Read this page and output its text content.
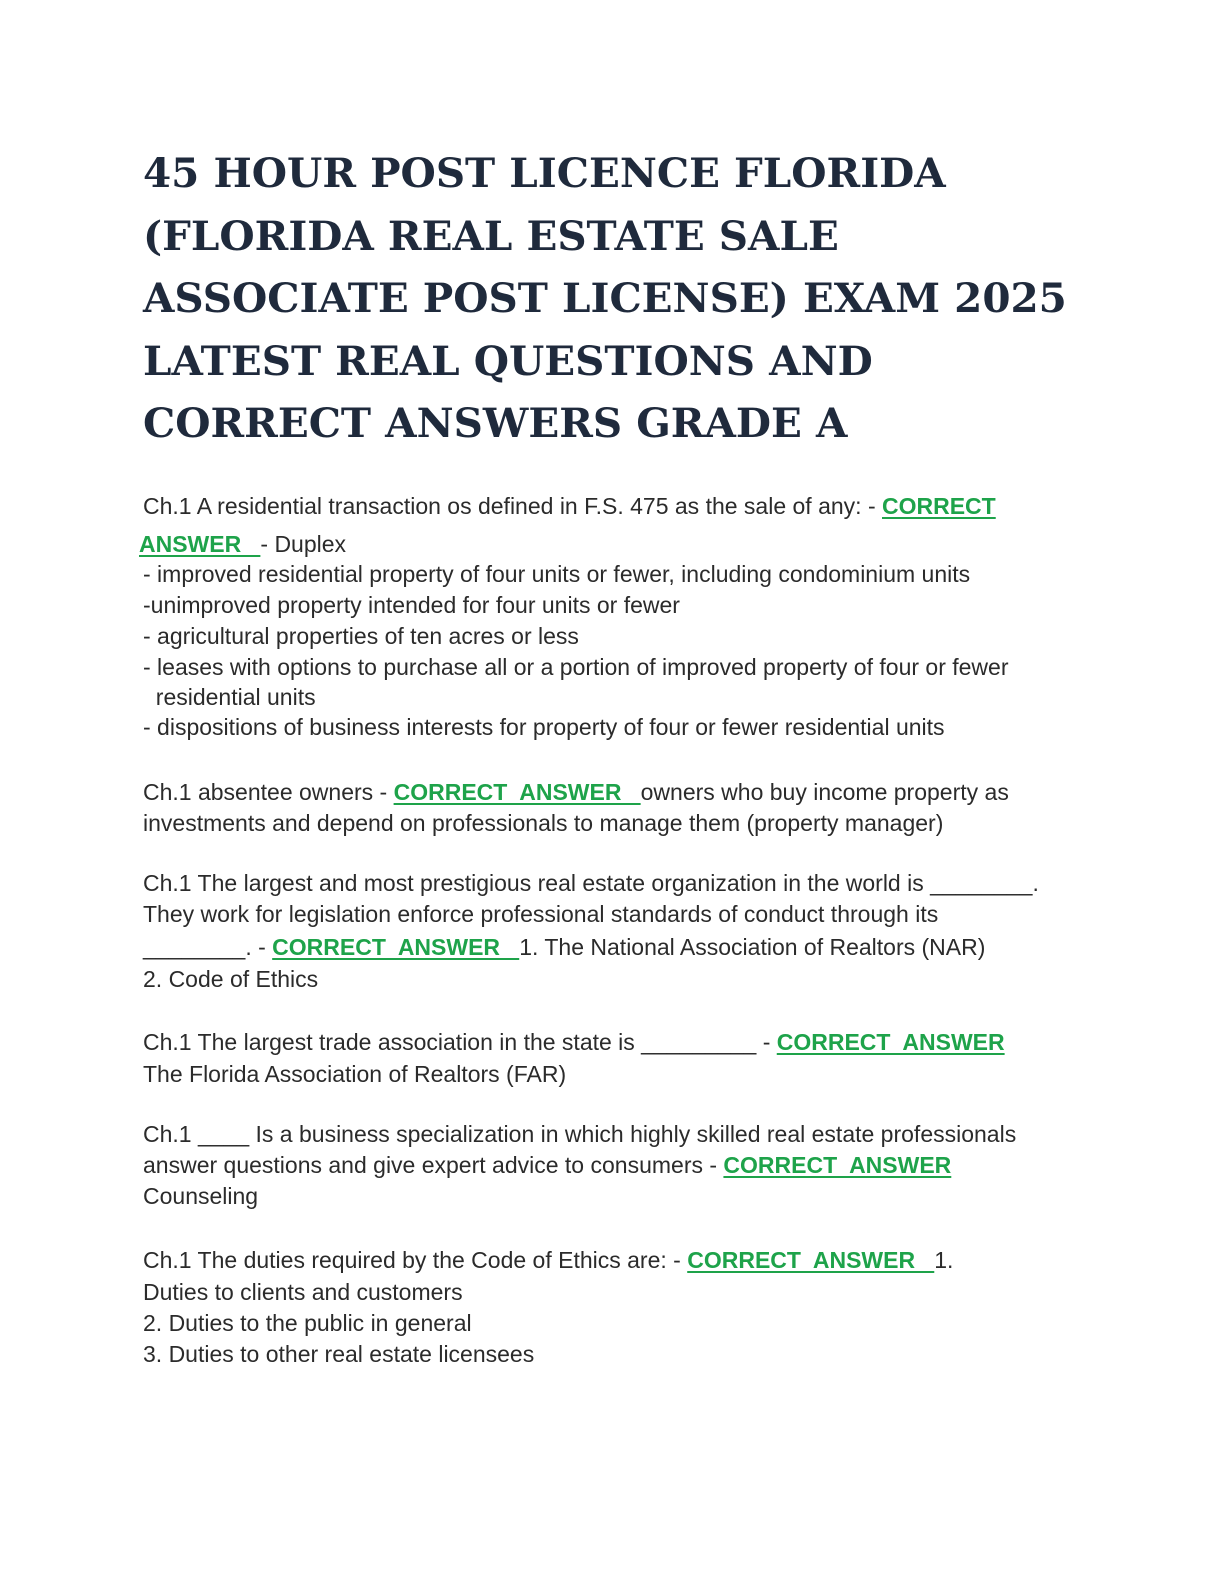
45 HOUR POST LICENCE FLORIDA
(FLORIDA REAL ESTATE SALE
ASSOCIATE POST LICENSE) EXAM 2025
LATEST REAL QUESTIONS AND
CORRECT ANSWERS GRADE A
Ch.1 A residential transaction os defined in F.S. 475 as the sale of any: - CORRECT
ANSWER   - Duplex
- improved residential property of four units or fewer, including condominium units
-unimproved property intended for four units or fewer
- agricultural properties of ten acres or less
- leases with options to purchase all or a portion of improved property of four or fewer
residential units
- dispositions of business interests for property of four or fewer residential units
Ch.1 absentee owners - CORRECT  ANSWER   owners who buy income property as
investments and depend on professionals to manage them (property manager)
Ch.1 The largest and most prestigious real estate organization in the world is ________.
They work for legislation enforce professional standards of conduct through its
________. - CORRECT  ANSWER   1. The National Association of Realtors (NAR)
2. Code of Ethics
Ch.1 The largest trade association in the state is _________ - CORRECT  ANSWER
The Florida Association of Realtors (FAR)
Ch.1 ____ Is a business specialization in which highly skilled real estate professionals
answer questions and give expert advice to consumers - CORRECT  ANSWER
Counseling
Ch.1 The duties required by the Code of Ethics are: - CORRECT  ANSWER   1.
Duties to clients and customers
2. Duties to the public in general
3. Duties to other real estate licensees
